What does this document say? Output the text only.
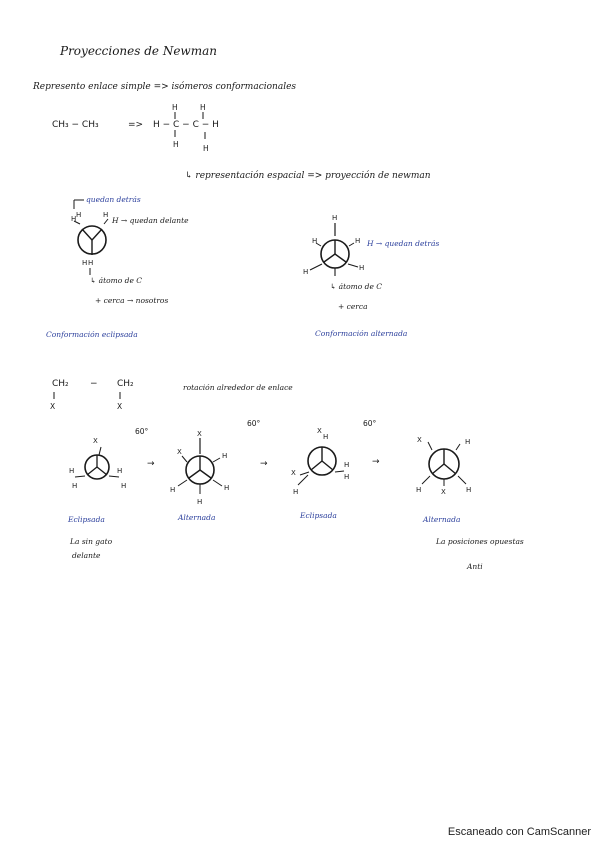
Proyecciones de Newman
Represento enlace simple => isómeros conformacionales
CH₃ − CH₃	=> H − C − C − H
H	H
H	H
↳ representación espacial => proyección de newman
quedan detrás
H → quedan delante
H H	H
H H
↳ átomo de C
+ cerca → nosotros
Conformación eclipsada
H
H	H
H	H
H → quedan detrás
↳ átomo de C
+ cerca
Conformación alternada
CH₂ − CH₂
X	X
rotación alrededor de enlace
60°
60°	60°
X
H
H
H
H
→
X
X	H
H	H
H
→
X
H
X
H
H
H
→
X	H
H	X	H
Eclipsada	Alternada	Eclipsada	Alternada
La sin gato
delante
La posiciones opuestas
Anti
Escaneado con CamScanner
